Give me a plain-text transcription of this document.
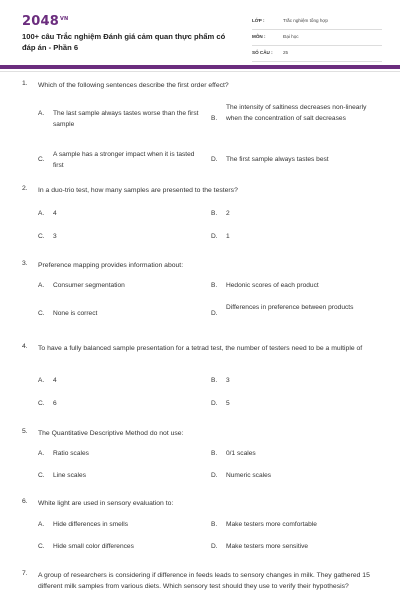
$2048^{VN}$
100+ câu Trắc nghiệm Đánh giá cảm quan thực phẩm có đáp án - Phần 6
LỚP :	Trắc nghiệm tổng hợp
MÔN :	Đại học
SỐ CÂU : 25
1. Which of the following sentences describe the first order effect?
A.	The last sample always tastes worse than the first sample
B.
The intensity of saltiness decreases non-linearly when the concentration of salt decreases
C.
A sample has a stronger impact when it is tasted first
D.	The first sample always tastes best
2. In a duo-trio test, how many samples are presented to the testers?
A.	4	B.	2
C.	3	D.	1
3. Preference mapping provides information about:
A.	Consumer segmentation	B.	Hedonic scores of each product
C.	None is correct	D.
Differences in preference between products
4. To have a fully balanced sample presentation for a tetrad test, the number of testers need to be a multiple of
A.	4	B.	3
C.	6	D.	5
5. The Quantitative Descriptive Method do not use:
A.	Ratio scales	B.	0/1 scales
C.	Line scales	D.	Numeric scales
6. White light are used in sensory evaluation to:
A.	Hide differences in smells	B.	Make testers more comfortable
C.	Hide small color differences	D.	Make testers more sensitive
7. A group of researchers is considering if difference in feeds leads to sensory changes in milk. They gathered 15 different milk samples from various diets. Which sensory test should they use to verify their hypothesis?
